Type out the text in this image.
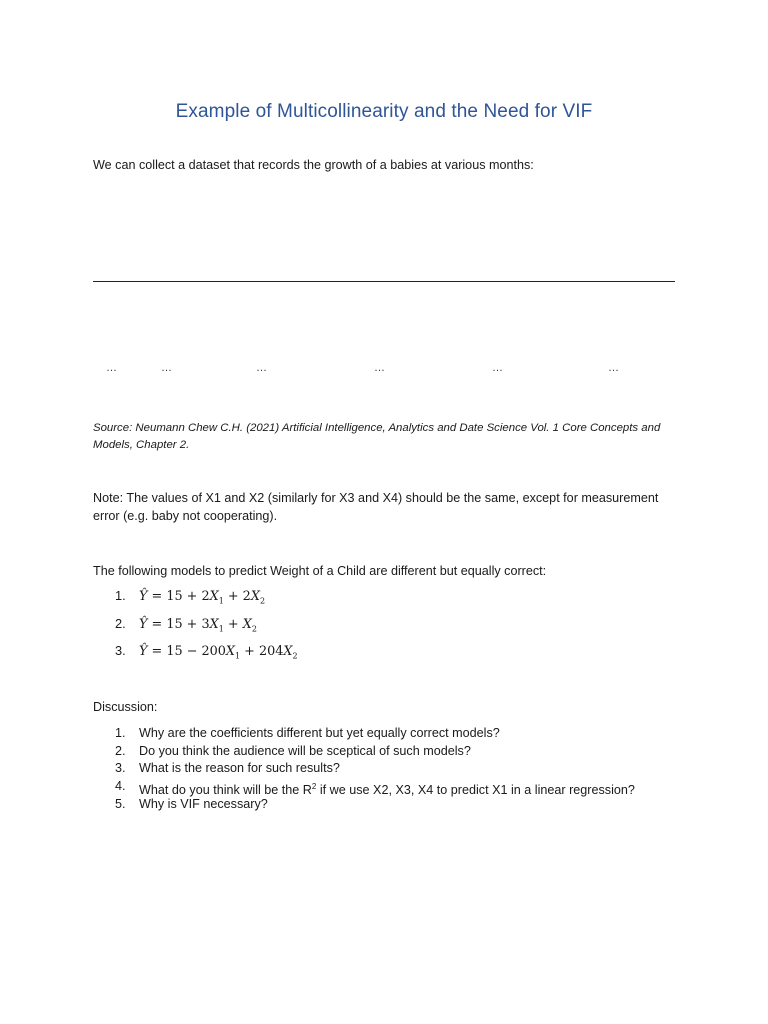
Example of Multicollinearity and the Need for VIF
We can collect a dataset that records the growth of a babies at various months:
…	…	…	…	…	…
Source: Neumann Chew C.H. (2021) Artificial Intelligence, Analytics and Date Science Vol. 1 Core Concepts and Models, Chapter 2.
Note: The values of X1 and X2 (similarly for X3 and X4) should be the same, except for measurement error (e.g. baby not cooperating).
The following models to predict Weight of a Child are different but equally correct:
1.	Ŷ = $15 + 2X_1 + 2X_2$
2.	Ŷ = $15 + 3X_1 + X_2$
3.	Ŷ = $15 - 200X_1 + 204X_2$
Discussion:
1.	Why are the coefficients different but yet equally correct models?
2.	Do you think the audience will be sceptical of such models?
3.	What is the reason for such results?
4.	What do you think will be the $R^2$ if we use X2, X3, X4 to predict X1 in a linear regression?
5.	Why is VIF necessary?
